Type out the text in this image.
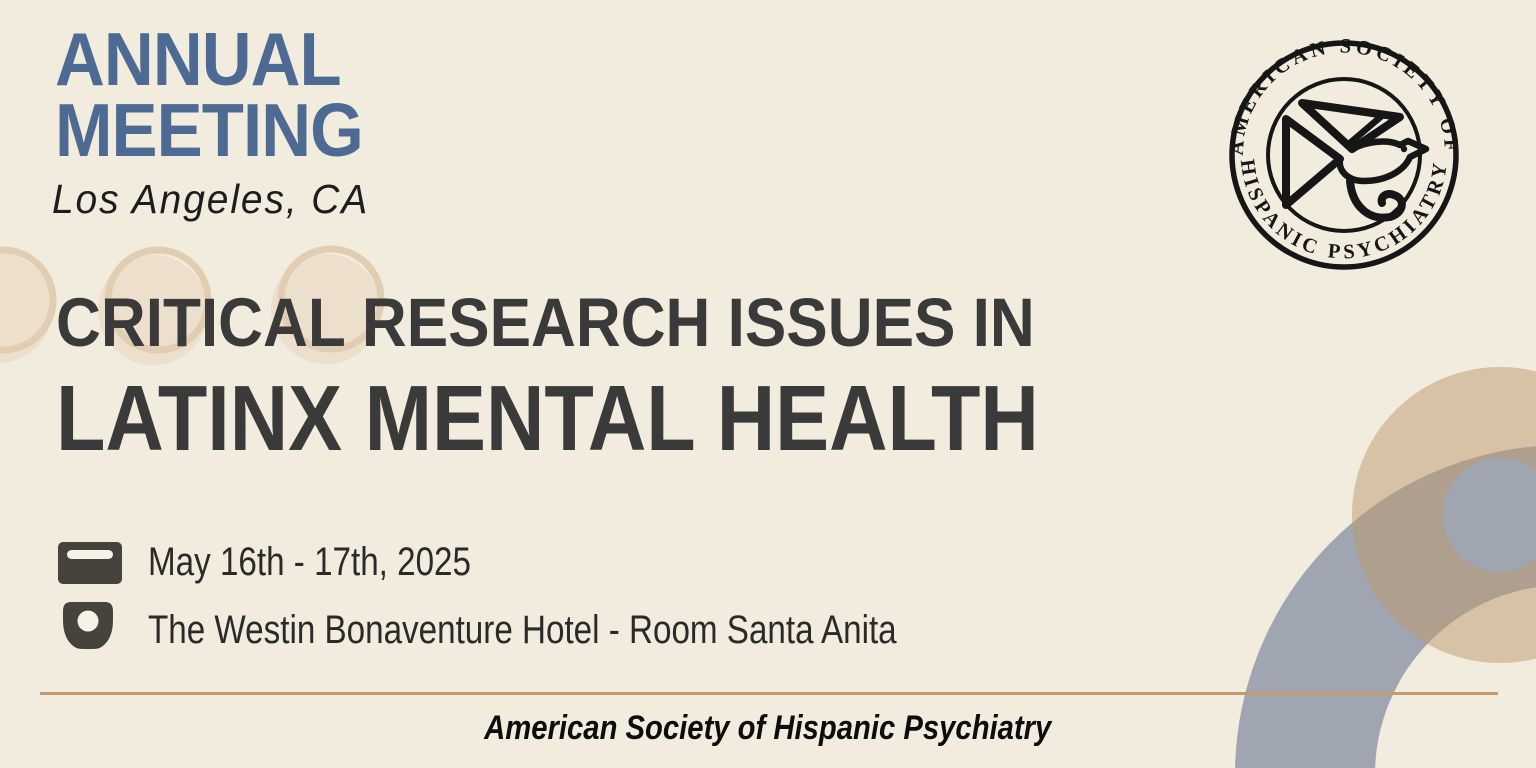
ANNUAL
MEETING
Los Angeles, CA
AMERICAN SOCIETY OF
HISPANIC PSYCHIATRY
CRITICAL RESEARCH ISSUES IN
LATINX MENTAL HEALTH
May 16th - 17th, 2025
The Westin Bonaventure Hotel - Room Santa Anita
American Society of Hispanic Psychiatry
